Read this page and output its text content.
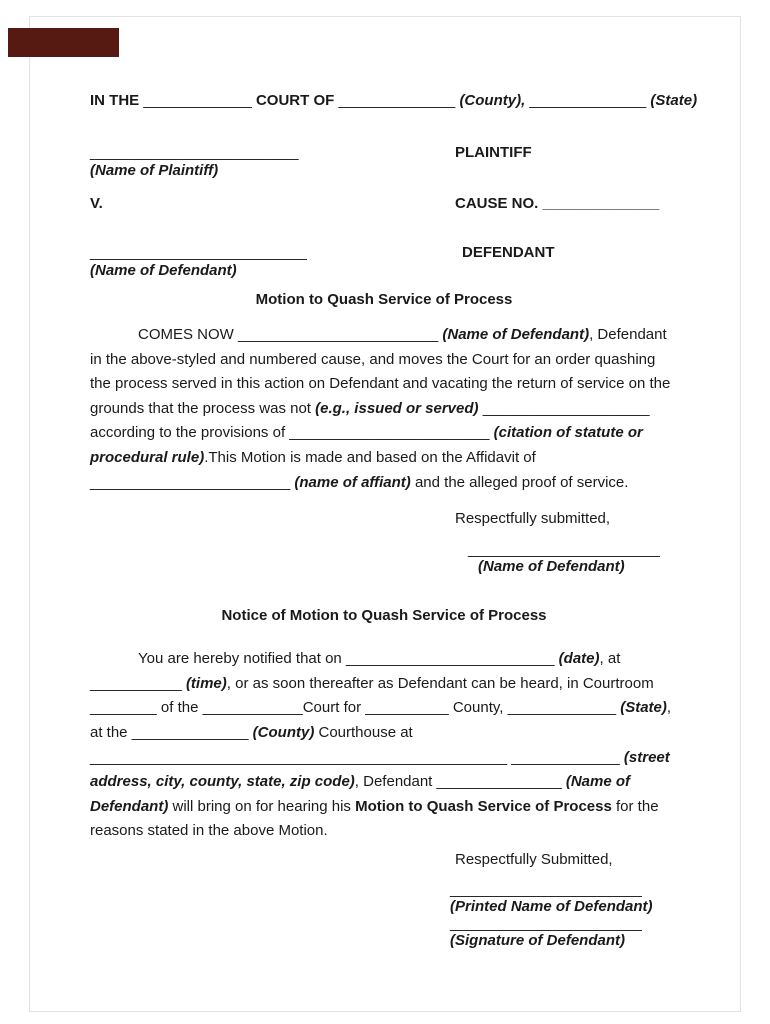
IN THE _____________ COURT OF ______________ (County), ______________ (State)

_________________________	PLAINTIFF
(Name of Plaintiff)
V.	CAUSE NO. ______________
__________________________	DEFENDANT
(Name of Defendant)
Motion to Quash Service of Process

COMES NOW ________________________ (Name of Defendant), Defendant in the above-styled and numbered cause, and moves the Court for an order quashing the process served in this action on Defendant and vacating the return of service on the grounds that the process was not (e.g., issued or served) ____________________ according to the provisions of ________________________ (citation of statute or procedural rule).This Motion is made and based on the Affidavit of ________________________ (name of affiant) and the alleged proof of service.

Respectfully submitted,

_______________________
(Name of Defendant)
Notice of Motion to Quash Service of Process

You are hereby notified that on _________________________ (date), at ___________ (time), or as soon thereafter as Defendant can be heard, in Courtroom ________ of the ____________Court for __________ County, _____________ (State), at the ______________ (County) Courthouse at __________________________________________________ _____________ (street address, city, county, state, zip code), Defendant _______________ (Name of Defendant) will bring on for hearing his Motion to Quash Service of Process for the reasons stated in the above Motion.

Respectfully Submitted,

_______________________
(Printed Name of Defendant)
_______________________
(Signature of Defendant)
